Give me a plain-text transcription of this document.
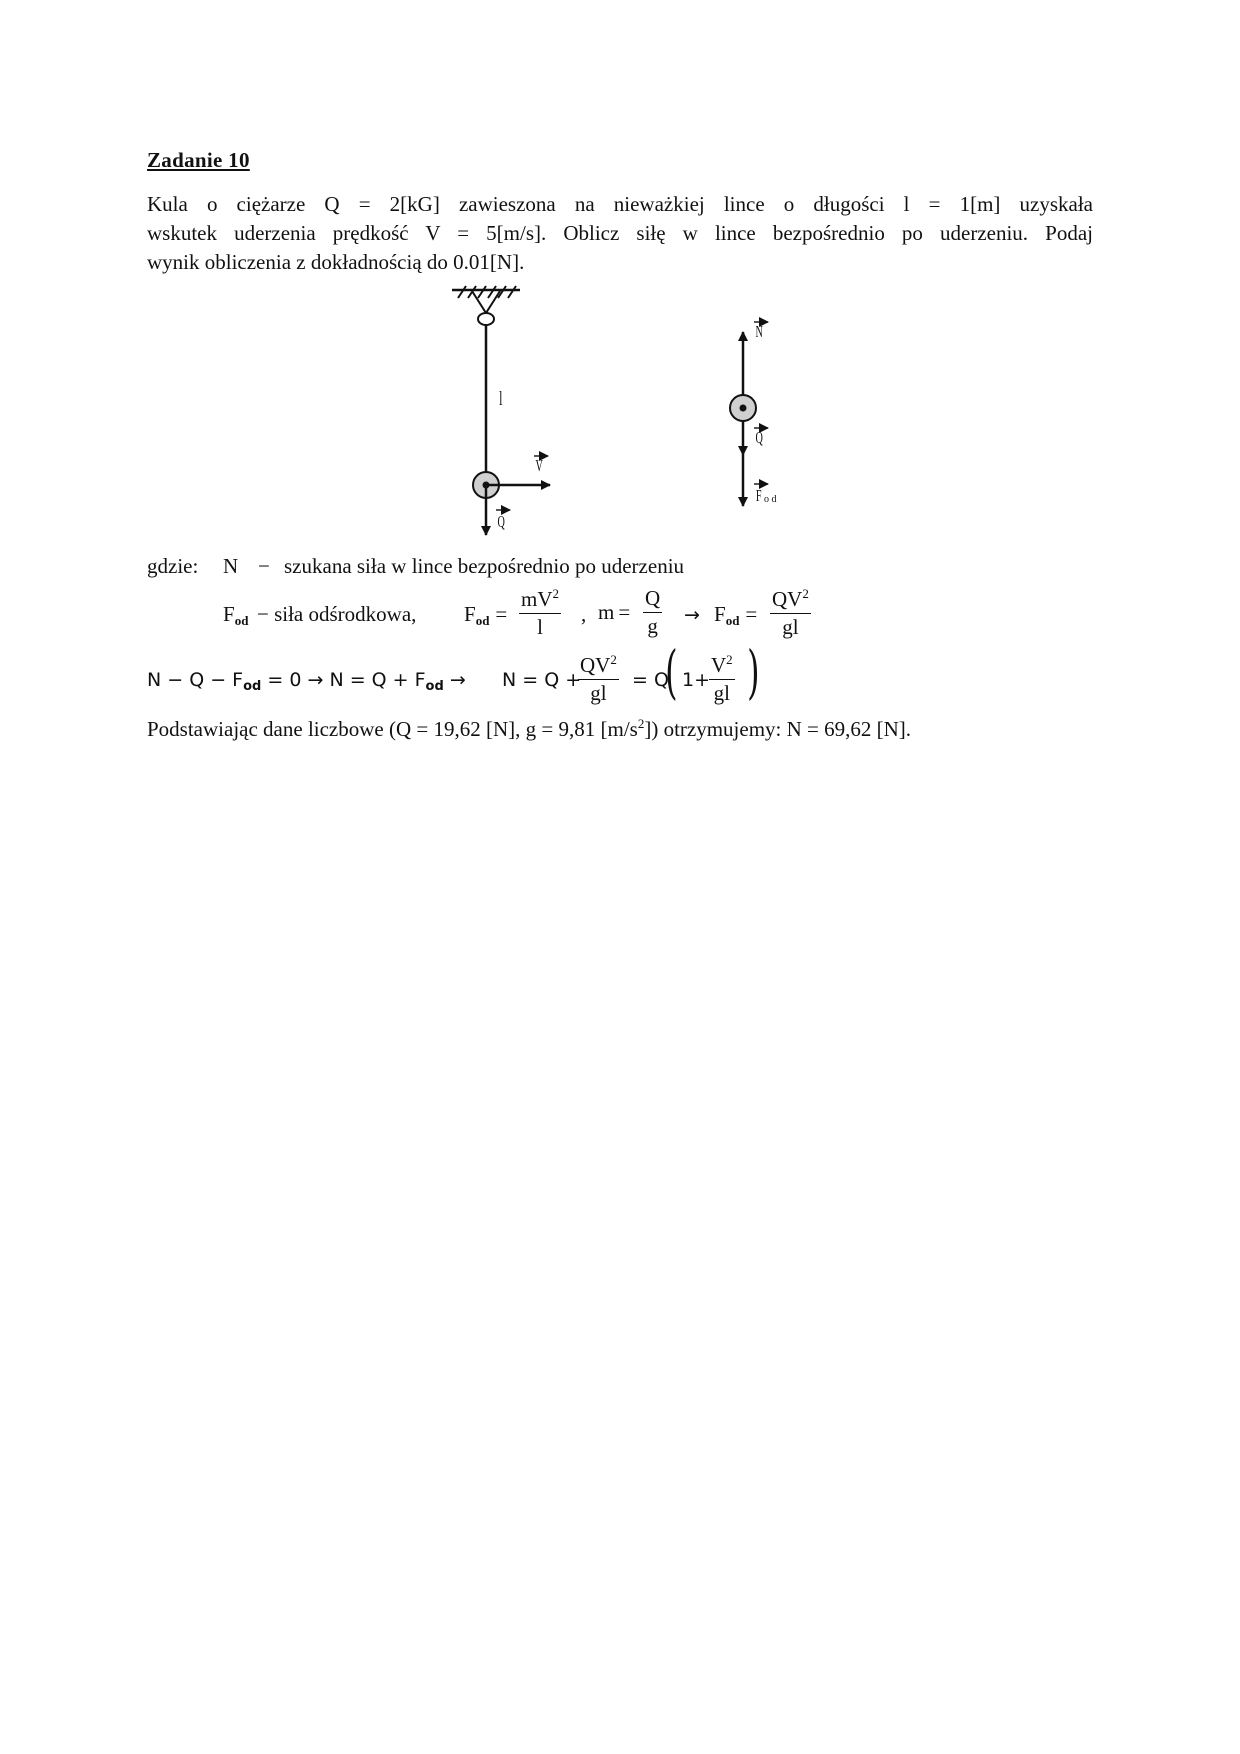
Zadanie 10
Kula o ciężarze Q = 2[kG] zawieszona na nieważkiej lince o długości l = 1[m] uzyskała
wskutek uderzenia prędkość V = 5[m/s]. Oblicz siłę w lince bezpośrednio po uderzeniu. Podaj
wynik obliczenia z dokładnością do 0.01[N].
l
V
Q
N
Q
F o d
gdzie: N − szukana siła w lince bezpośrednio po uderzeniu
$F_{od}$ − siła odśrodkowa, $F_{od} = \frac{mV^2}{l}$ , $m = \frac{Q}{g} \to F_{od} = \frac{QV^2}{gl}$
$N - Q - F_{od} = 0 \to N = Q + F_{od} \to N = Q$ +
$\frac{QV^2}{gl} = Q$
( 1+
$\frac{V^2}{gl}$ )
Podstawiając dane liczbowe (Q = 19,62 [N], g = 9,81 $[m/s^2]$) otrzymujemy: N = 69,62 [N].
